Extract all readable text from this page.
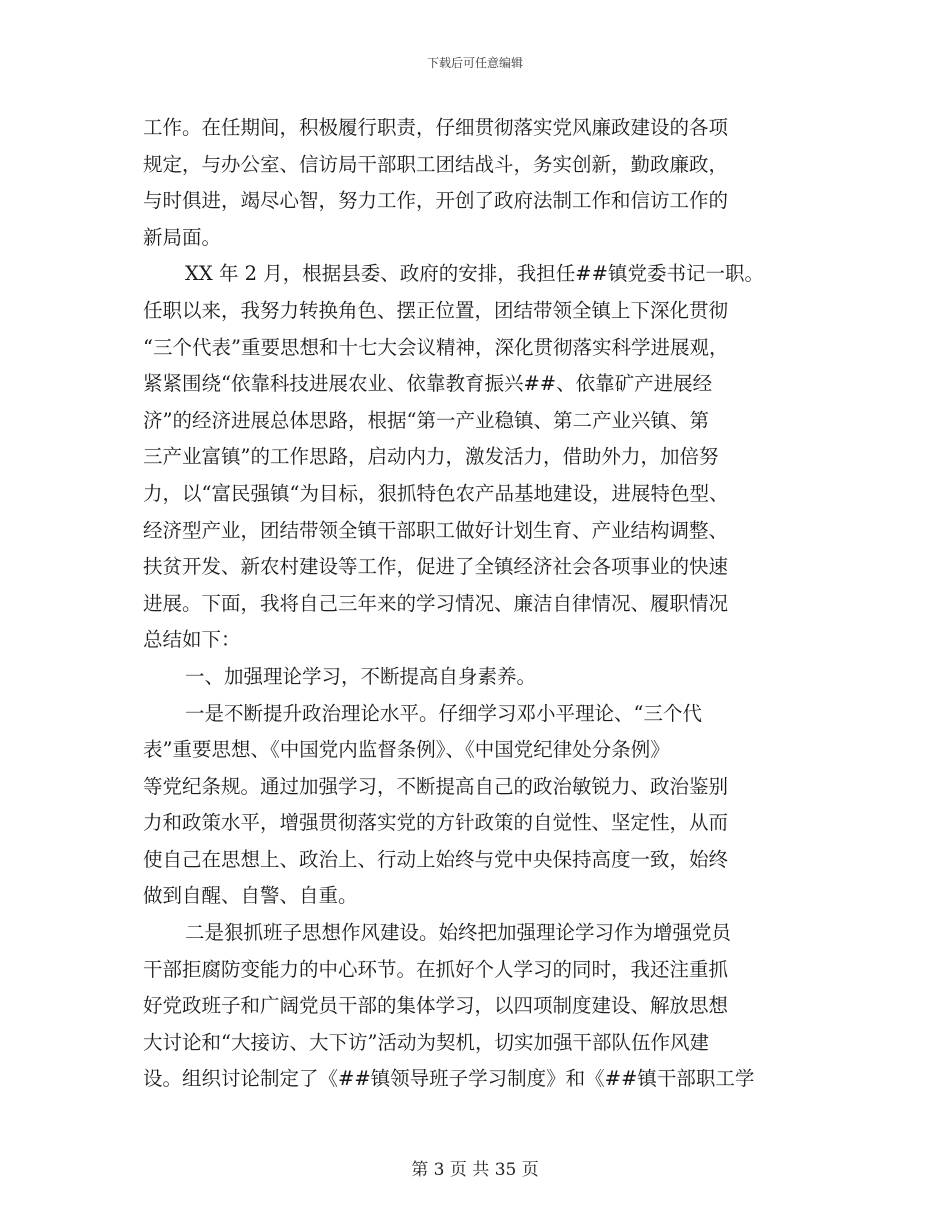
下载后可任意编辑
工作。在任期间，积极履行职责，仔细贯彻落实党风廉政建设的各项
规定，与办公室、信访局干部职工团结战斗，务实创新，勤政廉政，
与时俱进，竭尽心智，努力工作，开创了政府法制工作和信访工作的
新局面。
XX 年 2 月，根据县委、政府的安排，我担任##镇党委书记一职。
任职以来，我努力转换角色、摆正位置，团结带领全镇上下深化贯彻
“三个代表”重要思想和十七大会议精神，深化贯彻落实科学进展观，
紧紧围绕“依靠科技进展农业、依靠教育振兴##、依靠矿产进展经
济”的经济进展总体思路，根据“第一产业稳镇、第二产业兴镇、第
三产业富镇”的工作思路，启动内力，激发活力，借助外力，加倍努
力，以“富民强镇“为目标，狠抓特色农产品基地建设，进展特色型、
经济型产业，团结带领全镇干部职工做好计划生育、产业结构调整、
扶贫开发、新农村建设等工作，促进了全镇经济社会各项事业的快速
进展。下面，我将自己三年来的学习情况、廉洁自律情况、履职情况
总结如下：
一、加强理论学习，不断提高自身素养。
一是不断提升政治理论水平。仔细学习邓小平理论、“三个代
表”重要思想、《中国党内监督条例》、《中国党纪律处分条例》
等党纪条规。通过加强学习，不断提高自己的政治敏锐力、政治鉴别
力和政策水平，增强贯彻落实党的方针政策的自觉性、坚定性，从而
使自己在思想上、政治上、行动上始终与党中央保持高度一致，始终
做到自醒、自警、自重。
二是狠抓班子思想作风建设。始终把加强理论学习作为增强党员
干部拒腐防变能力的中心环节。在抓好个人学习的同时，我还注重抓
好党政班子和广阔党员干部的集体学习，以四项制度建设、解放思想
大讨论和“大接访、大下访”活动为契机，切实加强干部队伍作风建
设。组织讨论制定了《##镇领导班子学习制度》和《##镇干部职工学
第 3 页 共 35 页
